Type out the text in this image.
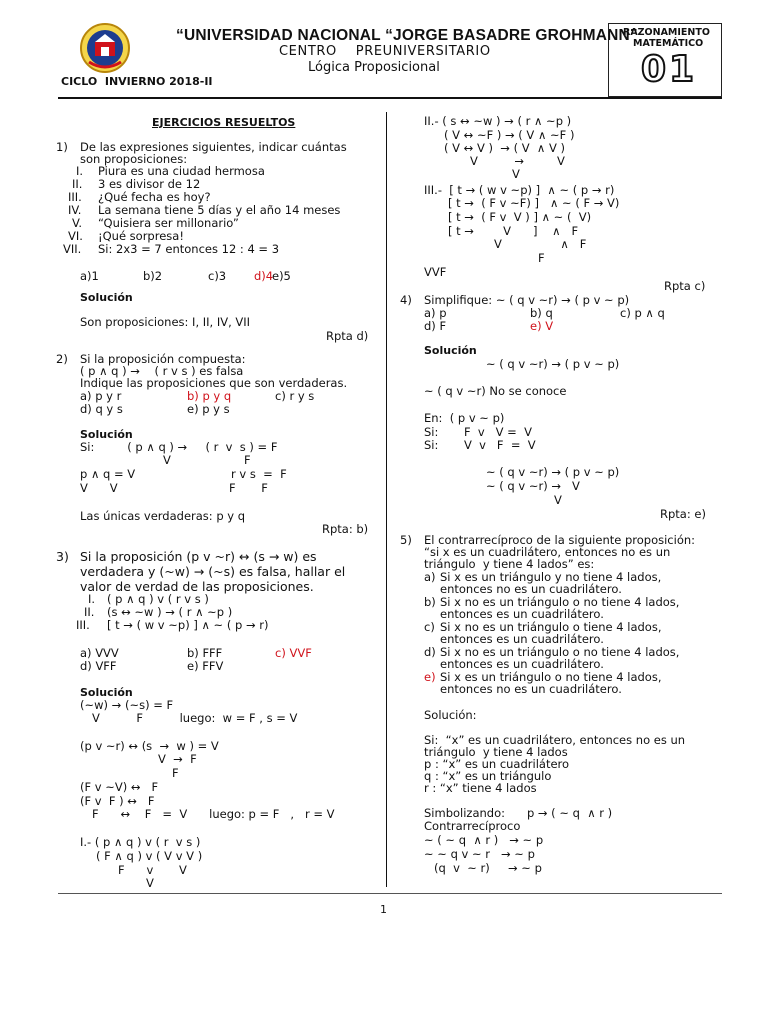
“UNIVERSIDAD NACIONAL “JORGE BASADRE GROHMANN”
CENTRO    PREUNIVERSITARIO
Lógica Proposicional
CICLO  INVIERNO 2018-II
RAZONAMIENTO
MATEMÁTICO
01
EJERCICIOS RESUELTOS
1) De las expresiones siguientes, indicar cuántas
son proposiciones:
I. Piura es una ciudad hermosa
II. 3 es divisor de 12
III. ¿Qué fecha es hoy?
IV. La semana tiene 5 días y el año 14 meses
V. “Quisiera ser millonario”
VI. ¡Qué sorpresa!
VII. Si: 2x3 = 7 entonces 12 : 4 = 3
a)1	b)2	c)3 d)4
e)5
Solución
Son proposiciones: I, II, IV, VII
Rpta d)
2) Si la proposición compuesta:
( p ∧ q ) →    ( r v s ) es falsa
Indique las proposiciones que son verdaderas.
a) p y r	b) p y q	c) r y s
d) q y s	e) p y s
Solución
Si:         ( p ∧ q ) →     ( r  v  s ) = F
V                    F
p ∧ q = V	r v s  =  F
V      V	F       F
Las únicas verdaderas: p y q
Rpta: b)
3) Si la proposición (p v ~r) ↔ (s → w) es
verdadera y (~w) → (~s) es falsa, hallar el
valor de verdad de las proposiciones.
I. ( p ∧ q ) v ( r v s )
II. (s ↔ ~w ) → ( r ∧ ~p )
III. [ t → ( w v ~p) ] ∧ ~ ( p → r)
a) VVV	b) FFF	c) VVF
d) VFF	e) FFV
Solución
(~w) → (~s) = F
V          F          luego:  w = F , s = V
(p v ~r) ↔ (s  →  w ) = V
V  →  F
F
(F v ~V) ↔   F
(F v  F ) ↔   F
F      ↔    F   =  V      luego: p = F   ,   r = V
I.- ( p ∧ q ) v ( r  v s )
( F ∧ q ) v ( V v V )
F      v       V
V
II.- ( s ↔ ~w ) → ( r ∧ ~p )
( V ↔ ~F ) → ( V ∧ ~F )
( V ↔ V )  → ( V  ∧ V )
V          →         V
V
III.-  [ t → ( w v ~p) ]  ∧ ~ ( p → r)
[ t →  ( F v ~F) ]   ∧ ~ ( F → V)
[ t →  ( F v  V ) ] ∧ ~ (  V)
[ t →        V      ]    ∧   F
V                ∧   F
F
VVF
Rpta c)
4) Simplifique: ~ ( q v ~r) → ( p v ~ p)
a) p	b) q	c) p ∧ q
d) F	e) V
Solución
~ ( q v ~r) → ( p v ~ p)
~ ( q v ~r) No se conoce
En:  ( p v ~ p)
Si:       F  v   V =  V
Si:       V  v   F  =  V
~ ( q v ~r) → ( p v ~ p)
~ ( q v ~r) →   V
V
Rpta: e)
5) El contrarrecíproco de la siguiente proposición:
“si x es un cuadrilátero, entonces no es un
triángulo  y tiene 4 lados” es:
a) Si x es un triángulo y no tiene 4 lados,
entonces no es un cuadrilátero.
b) Si x no es un triángulo o no tiene 4 lados,
entonces es un cuadrilátero.
c) Si x no es un triángulo o tiene 4 lados,
entonces es un cuadrilátero.
d) Si x no es un triángulo o no tiene 4 lados,
entonces es un cuadrilátero.
e) Si x es un triángulo o no tiene 4 lados,
entonces no es un cuadrilátero.
Solución:
Si:  “x” es un cuadrilátero, entonces no es un
triángulo  y tiene 4 lados
p : “x” es un cuadrilátero
q : “x” es un triángulo
r : “x” tiene 4 lados
Simbolizando:      p → ( ~ q  ∧ r )
Contrarrecíproco
~ ( ~ q  ∧ r )   → ~ p
~ ~ q v ~ r   → ~ p
(q  v  ~ r)     → ~ p
1
